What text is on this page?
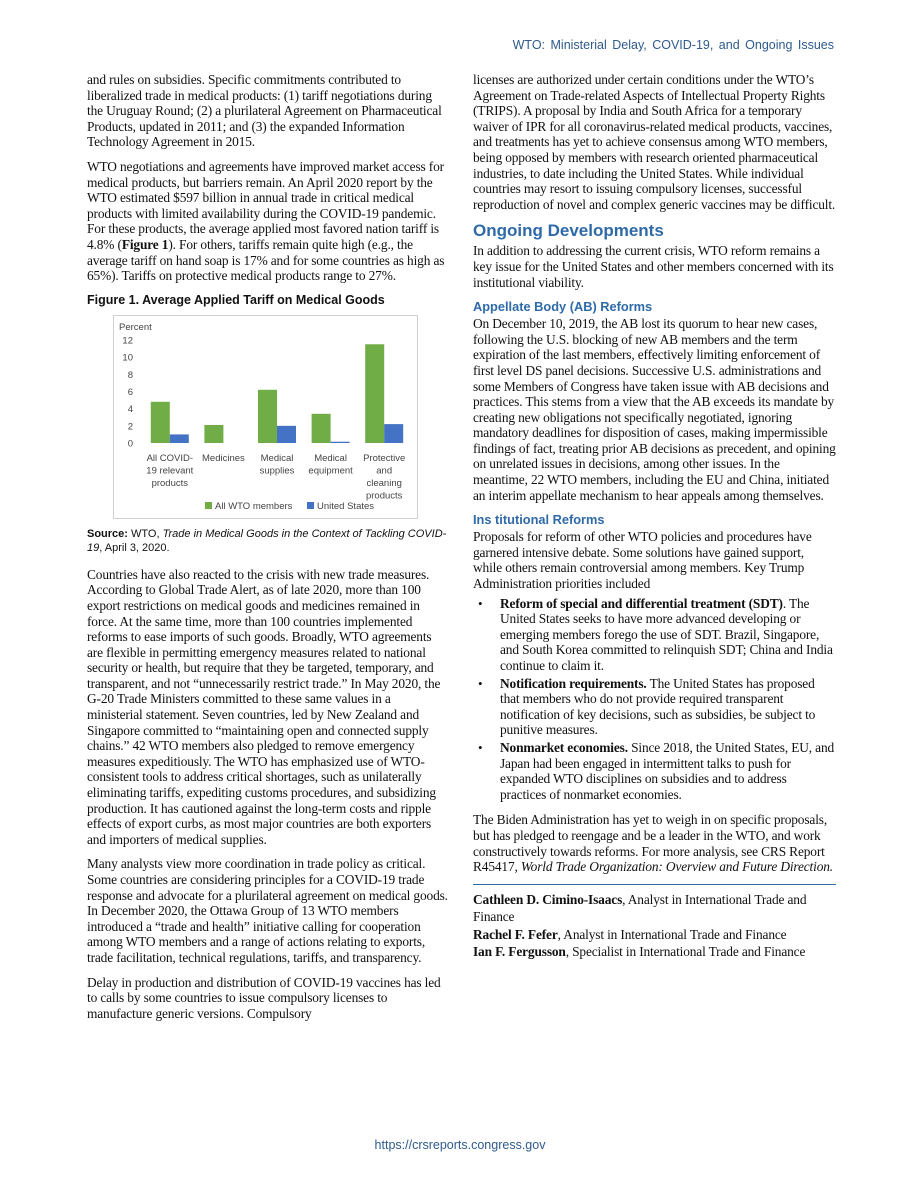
WTO: Ministerial Delay, COVID-19, and Ongoing Issues

and rules on subsidies. Specific commitments contributed to liberalized trade in medical products: (1) tariff negotiations during the Uruguay Round; (2) a plurilateral Agreement on Pharmaceutical Products, updated in 2011; and (3) the expanded Information Technology Agreement in 2015.

WTO negotiations and agreements have improved market access for medical products, but barriers remain. An April 2020 report by the WTO estimated $597 billion in annual trade in critical medical products with limited availability during the COVID-19 pandemic. For these products, the average applied most favored nation tariff is 4.8% (Figure 1). For others, tariffs remain quite high (e.g., the average tariff on hand soap is 17% and for some countries as high as 65%). Tariffs on protective medical products range to 27%.

Figure 1. Average Applied Tariff on Medical Goods
Percent
0
2
4
6
8
10
12
All COVID-
19 relevant
products
Medicines Medical
supplies
Medical
equipment
Protective
and
cleaning
products
All WTO members	United States
Source: WTO, Trade in Medical Goods in the Context of Tackling COVID-19, April 3, 2020.

Countries have also reacted to the crisis with new trade measures. According to Global Trade Alert, as of late 2020, more than 100 export restrictions on medical goods and medicines remained in force. At the same time, more than 100 countries implemented reforms to ease imports of such goods. Broadly, WTO agreements are flexible in permitting emergency measures related to national security or health, but require that they be targeted, temporary, and transparent, and not “unnecessarily restrict trade.” In May 2020, the G-20 Trade Ministers committed to these same values in a ministerial statement. Seven countries, led by New Zealand and Singapore committed to “maintaining open and connected supply chains.” 42 WTO members also pledged to remove emergency measures expeditiously. The WTO has emphasized use of WTO-consistent tools to address critical shortages, such as unilaterally eliminating tariffs, expediting customs procedures, and subsidizing production. It has cautioned against the long-term costs and ripple effects of export curbs, as most major countries are both exporters and importers of medical supplies.

Many analysts view more coordination in trade policy as critical. Some countries are considering principles for a COVID-19 trade response and advocate for a plurilateral agreement on medical goods. In December 2020, the Ottawa Group of 13 WTO members introduced a “trade and health” initiative calling for cooperation among WTO members and a range of actions relating to exports, trade facilitation, technical regulations, tariffs, and transparency.

Delay in production and distribution of COVID-19 vaccines has led to calls by some countries to issue compulsory licenses to manufacture generic versions. Compulsory

licenses are authorized under certain conditions under the WTO’s Agreement on Trade-related Aspects of Intellectual Property Rights (TRIPS). A proposal by India and South Africa for a temporary waiver of IPR for all coronavirus-related medical products, vaccines, and treatments has yet to achieve consensus among WTO members, being opposed by members with research oriented pharmaceutical industries, to date including the United States. While individual countries may resort to issuing compulsory licenses, successful reproduction of novel and complex generic vaccines may be difficult.

Ongoing Developments

In addition to addressing the current crisis, WTO reform remains a key issue for the United States and other members concerned with its institutional viability.

Appellate Body (AB) Reforms

On December 10, 2019, the AB lost its quorum to hear new cases, following the U.S. blocking of new AB members and the term expiration of the last members, effectively limiting enforcement of first level DS panel decisions. Successive U.S. administrations and some Members of Congress have taken issue with AB decisions and practices. This stems from a view that the AB exceeds its mandate by creating new obligations not specifically negotiated, ignoring mandatory deadlines for disposition of cases, making impermissible findings of fact, treating prior AB decisions as precedent, and opining on unrelated issues in decisions, among other issues. In the meantime, 22 WTO members, including the EU and China, initiated an interim appellate mechanism to hear appeals among themselves.

Ins titutional Reforms

Proposals for reform of other WTO policies and procedures have garnered intensive debate. Some solutions have gained support, while others remain controversial among members. Key Trump Administration priorities included

• Reform of special and differential treatment (SDT). The United States seeks to have more advanced developing or emerging members forego the use of SDT. Brazil, Singapore, and South Korea committed to relinquish SDT; China and India continue to claim it.
• Notification requirements. The United States has proposed that members who do not provide required transparent notification of key decisions, such as subsidies, be subject to punitive measures.
• Nonmarket economies. Since 2018, the United States, EU, and Japan had been engaged in intermittent talks to push for expanded WTO disciplines on subsidies and to address practices of nonmarket economies.

The Biden Administration has yet to weigh in on specific proposals, but has pledged to reengage and be a leader in the WTO, and work constructively towards reforms. For more analysis, see CRS Report R45417, World Trade Organization: Overview and Future Direction.

Cathleen D. Cimino-Isaacs, Analyst in International Trade and Finance
Rachel F. Fefer, Analyst in International Trade and Finance
Ian F. Fergusson, Specialist in International Trade and Finance
https://crsreports.congress.gov
